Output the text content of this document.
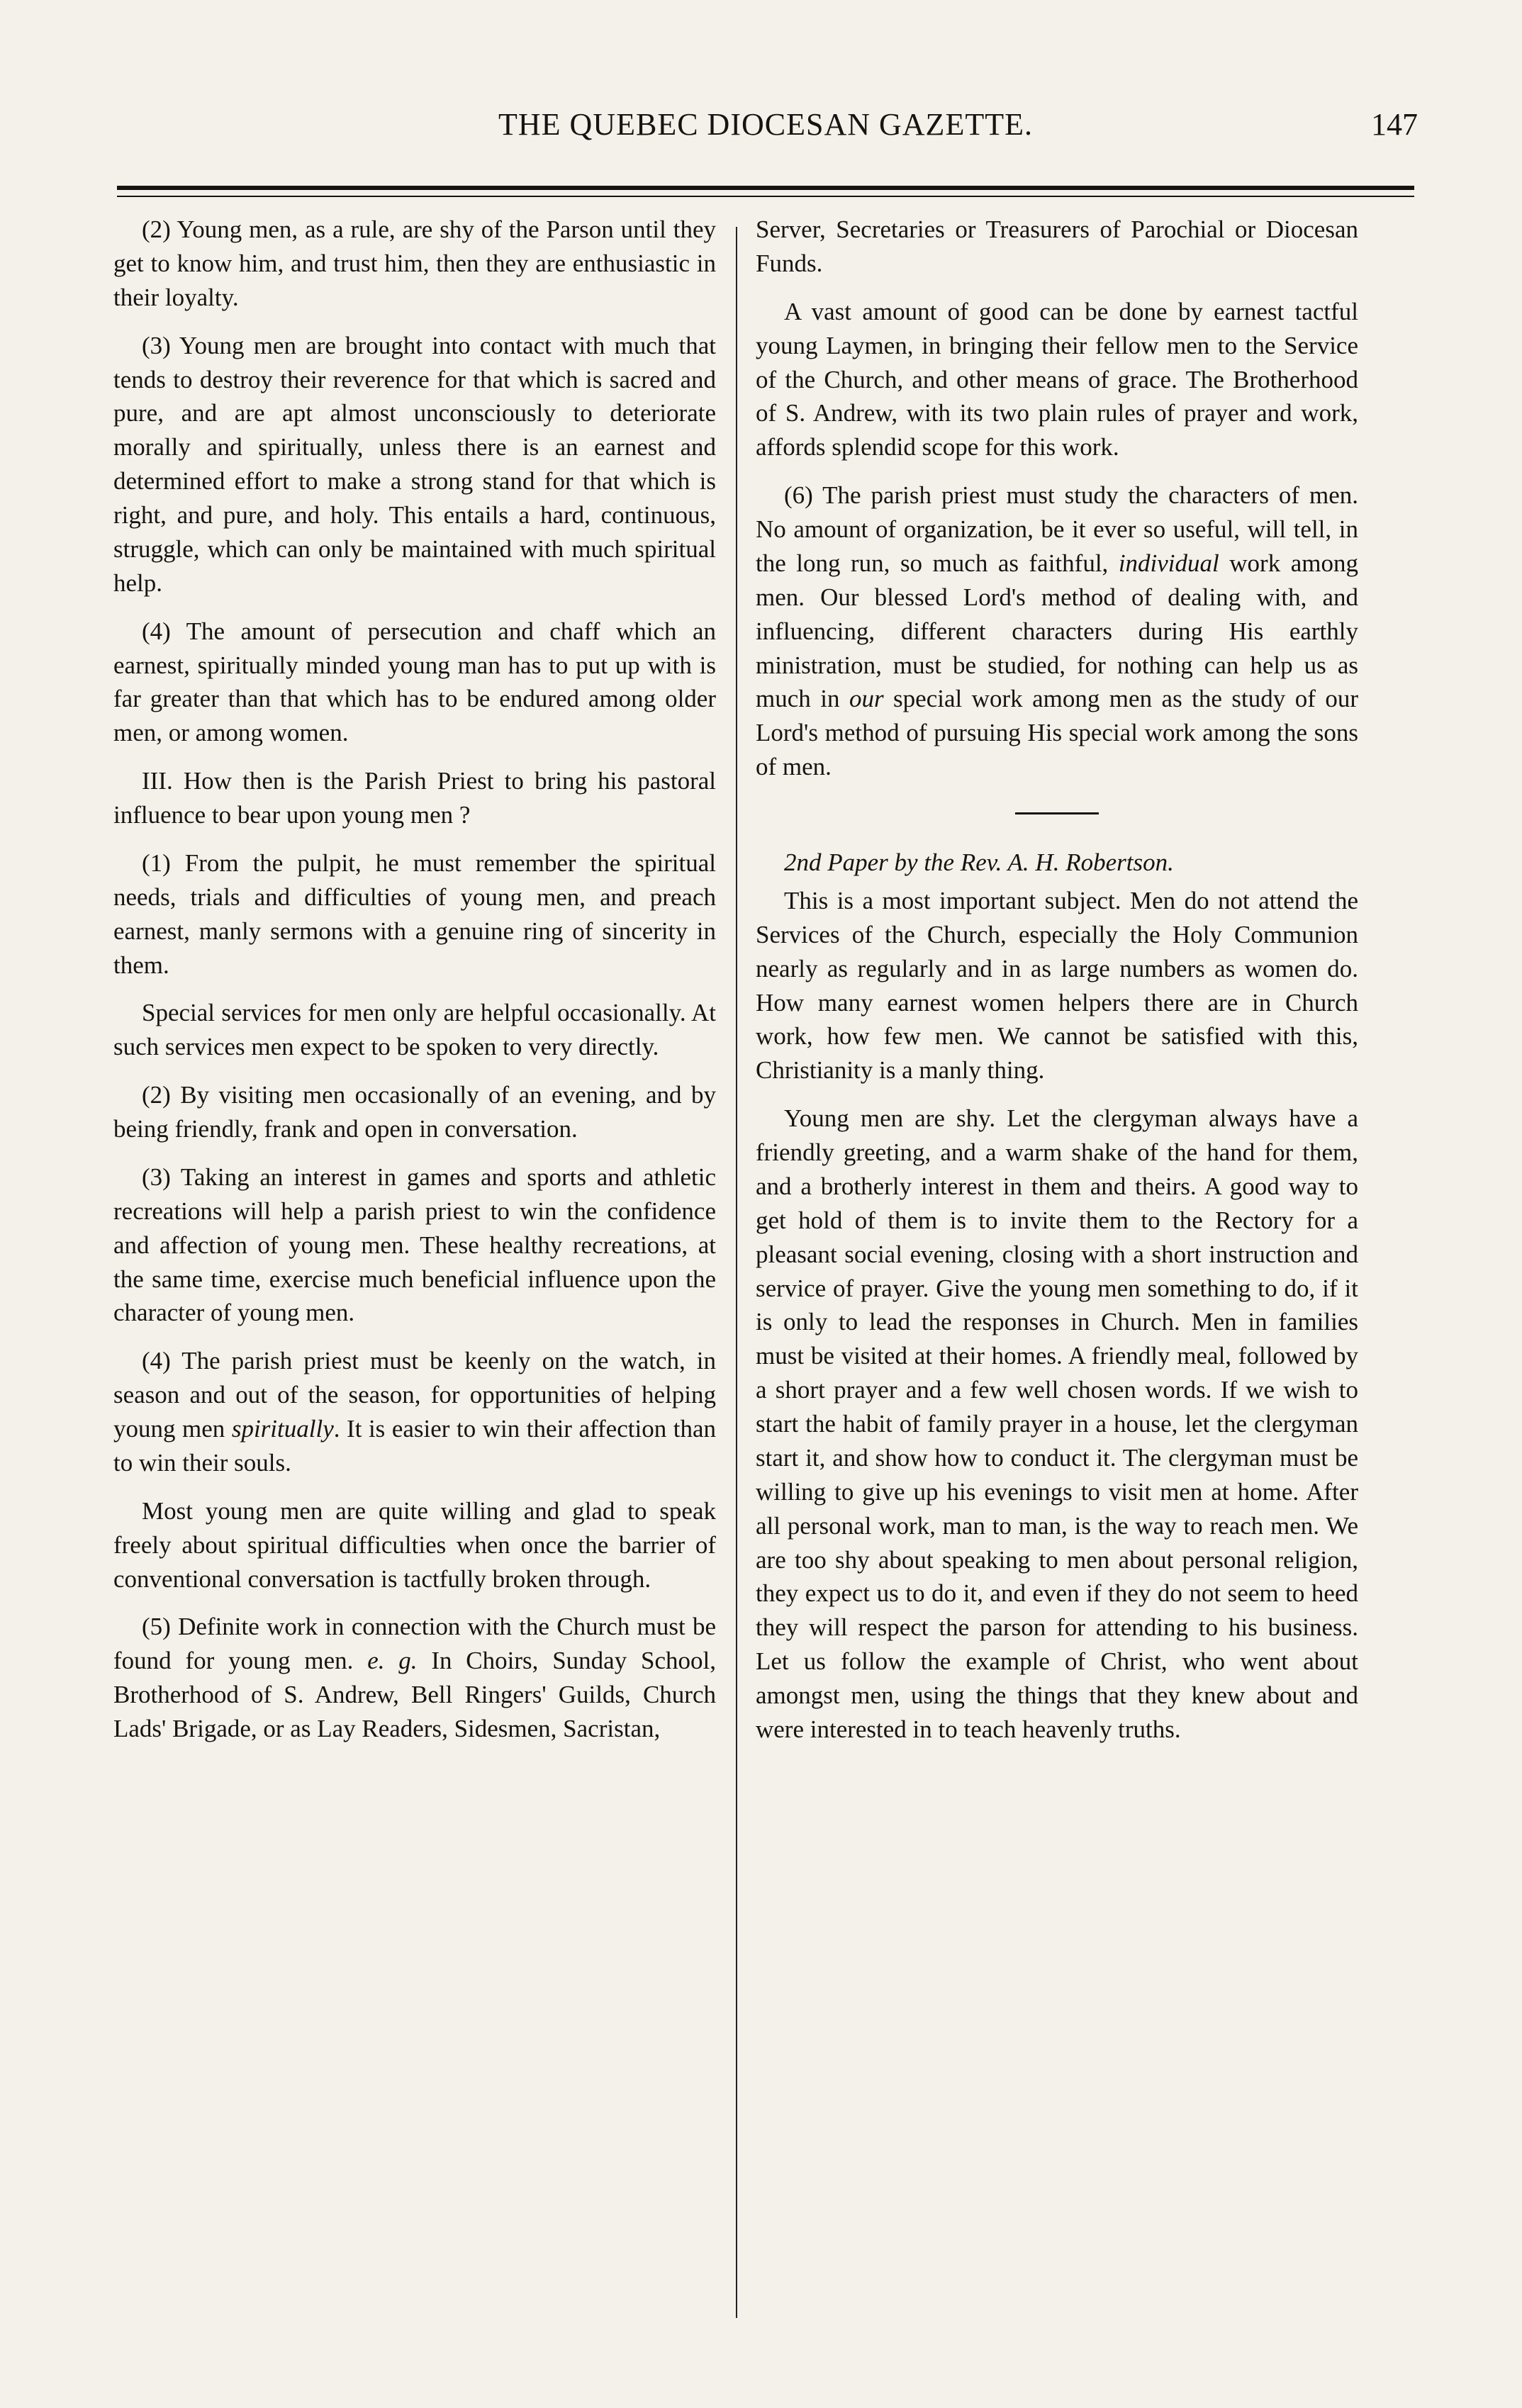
THE QUEBEC DIOCESAN GAZETTE.	147

(2) Young men, as a rule, are shy of the Parson until they get to know him, and trust him, then they are enthusiastic in their loyalty.

(3) Young men are brought into contact with much that tends to destroy their reverence for that which is sacred and pure, and are apt almost unconsciously to deteriorate morally and spiritually, unless there is an earnest and determined effort to make a strong stand for that which is right, and pure, and holy. This entails a hard, continuous, struggle, which can only be maintained with much spiritual help.

(4) The amount of persecution and chaff which an earnest, spiritually minded young man has to put up with is far greater than that which has to be endured among older men, or among women.

III. How then is the Parish Priest to bring his pastoral influence to bear upon young men ?

(1) From the pulpit, he must remember the spiritual needs, trials and difficulties of young men, and preach earnest, manly sermons with a genuine ring of sincerity in them.

Special services for men only are helpful occasionally. At such services men expect to be spoken to very directly.

(2) By visiting men occasionally of an evening, and by being friendly, frank and open in conversation.

(3) Taking an interest in games and sports and athletic recreations will help a parish priest to win the confidence and affection of young men. These healthy recreations, at the same time, exercise much beneficial influence upon the character of young men.

(4) The parish priest must be keenly on the watch, in season and out of the season, for opportunities of helping young men spiritually. It is easier to win their affection than to win their souls.

Most young men are quite willing and glad to speak freely about spiritual difficulties when once the barrier of conventional conversation is tactfully broken through.

(5) Definite work in connection with the Church must be found for young men. e. g. In Choirs, Sunday School, Brotherhood of S. Andrew, Bell Ringers' Guilds, Church Lads' Brigade, or as Lay Readers, Sidesmen, Sacristan,

Server, Secretaries or Treasurers of Parochial or Diocesan Funds.

A vast amount of good can be done by earnest tactful young Laymen, in bringing their fellow men to the Service of the Church, and other means of grace. The Brotherhood of S. Andrew, with its two plain rules of prayer and work, affords splendid scope for this work.

(6) The parish priest must study the characters of men. No amount of organization, be it ever so useful, will tell, in the long run, so much as faithful, individual work among men. Our blessed Lord's method of dealing with, and influencing, different characters during His earthly ministration, must be studied, for nothing can help us as much in our special work among men as the study of our Lord's method of pursuing His special work among the sons of men.

2nd Paper by the Rev. A. H. Robertson.

This is a most important subject. Men do not attend the Services of the Church, especially the Holy Communion nearly as regularly and in as large numbers as women do. How many earnest women helpers there are in Church work, how few men. We cannot be satisfied with this, Christianity is a manly thing.

Young men are shy. Let the clergyman always have a friendly greeting, and a warm shake of the hand for them, and a brotherly interest in them and theirs. A good way to get hold of them is to invite them to the Rectory for a pleasant social evening, closing with a short instruction and service of prayer. Give the young men something to do, if it is only to lead the responses in Church. Men in families must be visited at their homes. A friendly meal, followed by a short prayer and a few well chosen words. If we wish to start the habit of family prayer in a house, let the clergyman start it, and show how to conduct it. The clergyman must be willing to give up his evenings to visit men at home. After all personal work, man to man, is the way to reach men. We are too shy about speaking to men about personal religion, they expect us to do it, and even if they do not seem to heed they will respect the parson for attending to his business. Let us follow the example of Christ, who went about amongst men, using the things that they knew about and were interested in to teach heavenly truths.
